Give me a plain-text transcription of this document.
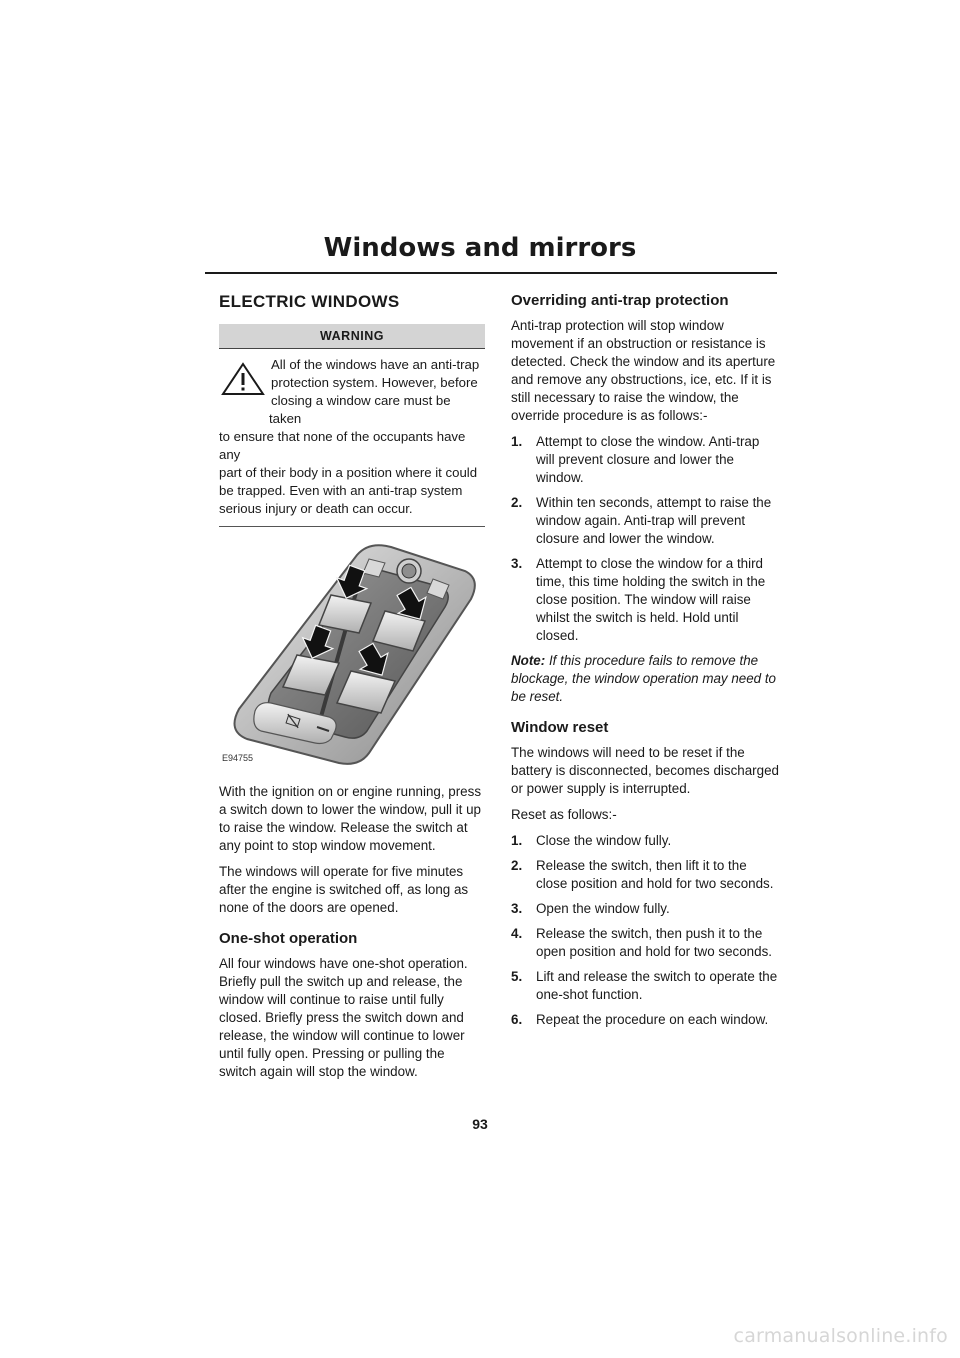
Windows and mirrors
ELECTRIC WINDOWS
WARNING
All of the windows have an anti-trap
protection system. However, before
closing a window care must be taken
to ensure that none of the occupants have any
part of their body in a position where it could
be trapped. Even with an anti-trap system
serious injury or death can occur.
E94755

With the ignition on or engine running, press a switch down to lower the window, pull it up to raise the window. Release the switch at any point to stop window movement.

The windows will operate for five minutes after the engine is switched off, as long as none of the doors are opened.

One-shot operation

All four windows have one-shot operation. Briefly pull the switch up and release, the window will continue to raise until fully closed. Briefly press the switch down and release, the window will continue to lower until fully open. Pressing or pulling the switch again will stop the window.

Overriding anti-trap protection

Anti-trap protection will stop window movement if an obstruction or resistance is detected. Check the window and its aperture and remove any obstructions, ice, etc. If it is still necessary to raise the window, the override procedure is as follows:-

1. Attempt to close the window. Anti-trap will prevent closure and lower the window.
2. Within ten seconds, attempt to raise the window again. Anti-trap will prevent closure and lower the window.
3. Attempt to close the window for a third time, this time holding the switch in the close position. The window will raise whilst the switch is held. Hold until closed.

Note: If this procedure fails to remove the blockage, the window operation may need to be reset.

Window reset

The windows will need to be reset if the battery is disconnected, becomes discharged or power supply is interrupted.

Reset as follows:-

1. Close the window fully.
2. Release the switch, then lift it to the close position and hold for two seconds.
3. Open the window fully.
4. Release the switch, then push it to the open position and hold for two seconds.
5. Lift and release the switch to operate the one-shot function.
6. Repeat the procedure on each window.
93
carmanualsonline.info
